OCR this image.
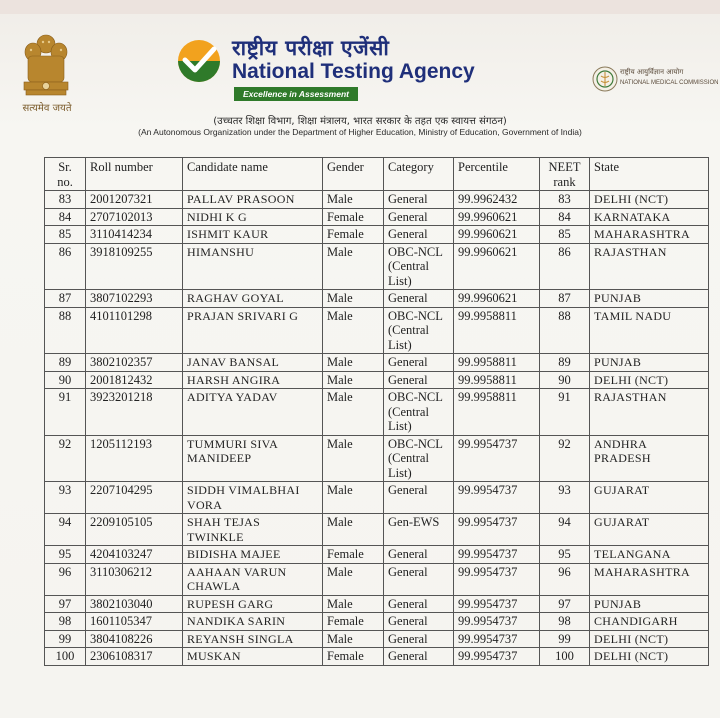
सत्यमेव जयते
राष्ट्रीय परीक्षा एजेंसी
National Testing Agency
Excellence in Assessment
राष्ट्रीय आयुर्विज्ञान आयोग
NATIONAL MEDICAL COMMISSION
(उच्चतर शिक्षा विभाग, शिक्षा मंत्रालय, भारत सरकार के तहत एक स्वायत्त संगठन)
(An Autonomous Organization under the Department of Higher Education, Ministry of Education, Government of India)
Sr. no.	Roll number	Candidate name	Gender	Category	Percentile	NEET rank	State
83	2001207321	PALLAV PRASOON	Male	General	99.9962432	83	DELHI (NCT)
84	2707102013	NIDHI K G	Female	General	99.9960621	84	KARNATAKA
85	3110414234	ISHMIT KAUR	Female	General	99.9960621	85	MAHARASHTRA
86	3918109255	HIMANSHU	Male	OBC-NCL (Central List)	99.9960621	86	RAJASTHAN
87	3807102293	RAGHAV GOYAL	Male	General	99.9960621	87	PUNJAB
88	4101101298	PRAJAN SRIVARI G	Male	OBC-NCL (Central List)	99.9958811	88	TAMIL NADU
89	3802102357	JANAV BANSAL	Male	General	99.9958811	89	PUNJAB
90	2001812432	HARSH ANGIRA	Male	General	99.9958811	90	DELHI (NCT)
91	3923201218	ADITYA YADAV	Male	OBC-NCL (Central List)	99.9958811	91	RAJASTHAN
92	1205112193	TUMMURI SIVA MANIDEEP	Male	OBC-NCL (Central List)	99.9954737	92	ANDHRA PRADESH
93	2207104295	SIDDH VIMALBHAI VORA	Male	General	99.9954737	93	GUJARAT
94	2209105105	SHAH TEJAS TWINKLE	Male	Gen-EWS	99.9954737	94	GUJARAT
95	4204103247	BIDISHA MAJEE	Female	General	99.9954737	95	TELANGANA
96	3110306212	AAHAAN VARUN CHAWLA	Male	General	99.9954737	96	MAHARASHTRA
97	3802103040	RUPESH GARG	Male	General	99.9954737	97	PUNJAB
98	1601105347	NANDIKA SARIN	Female	General	99.9954737	98	CHANDIGARH
99	3804108226	REYANSH SINGLA	Male	General	99.9954737	99	DELHI (NCT)
100	2306108317	MUSKAN	Female	General	99.9954737	100	DELHI (NCT)
